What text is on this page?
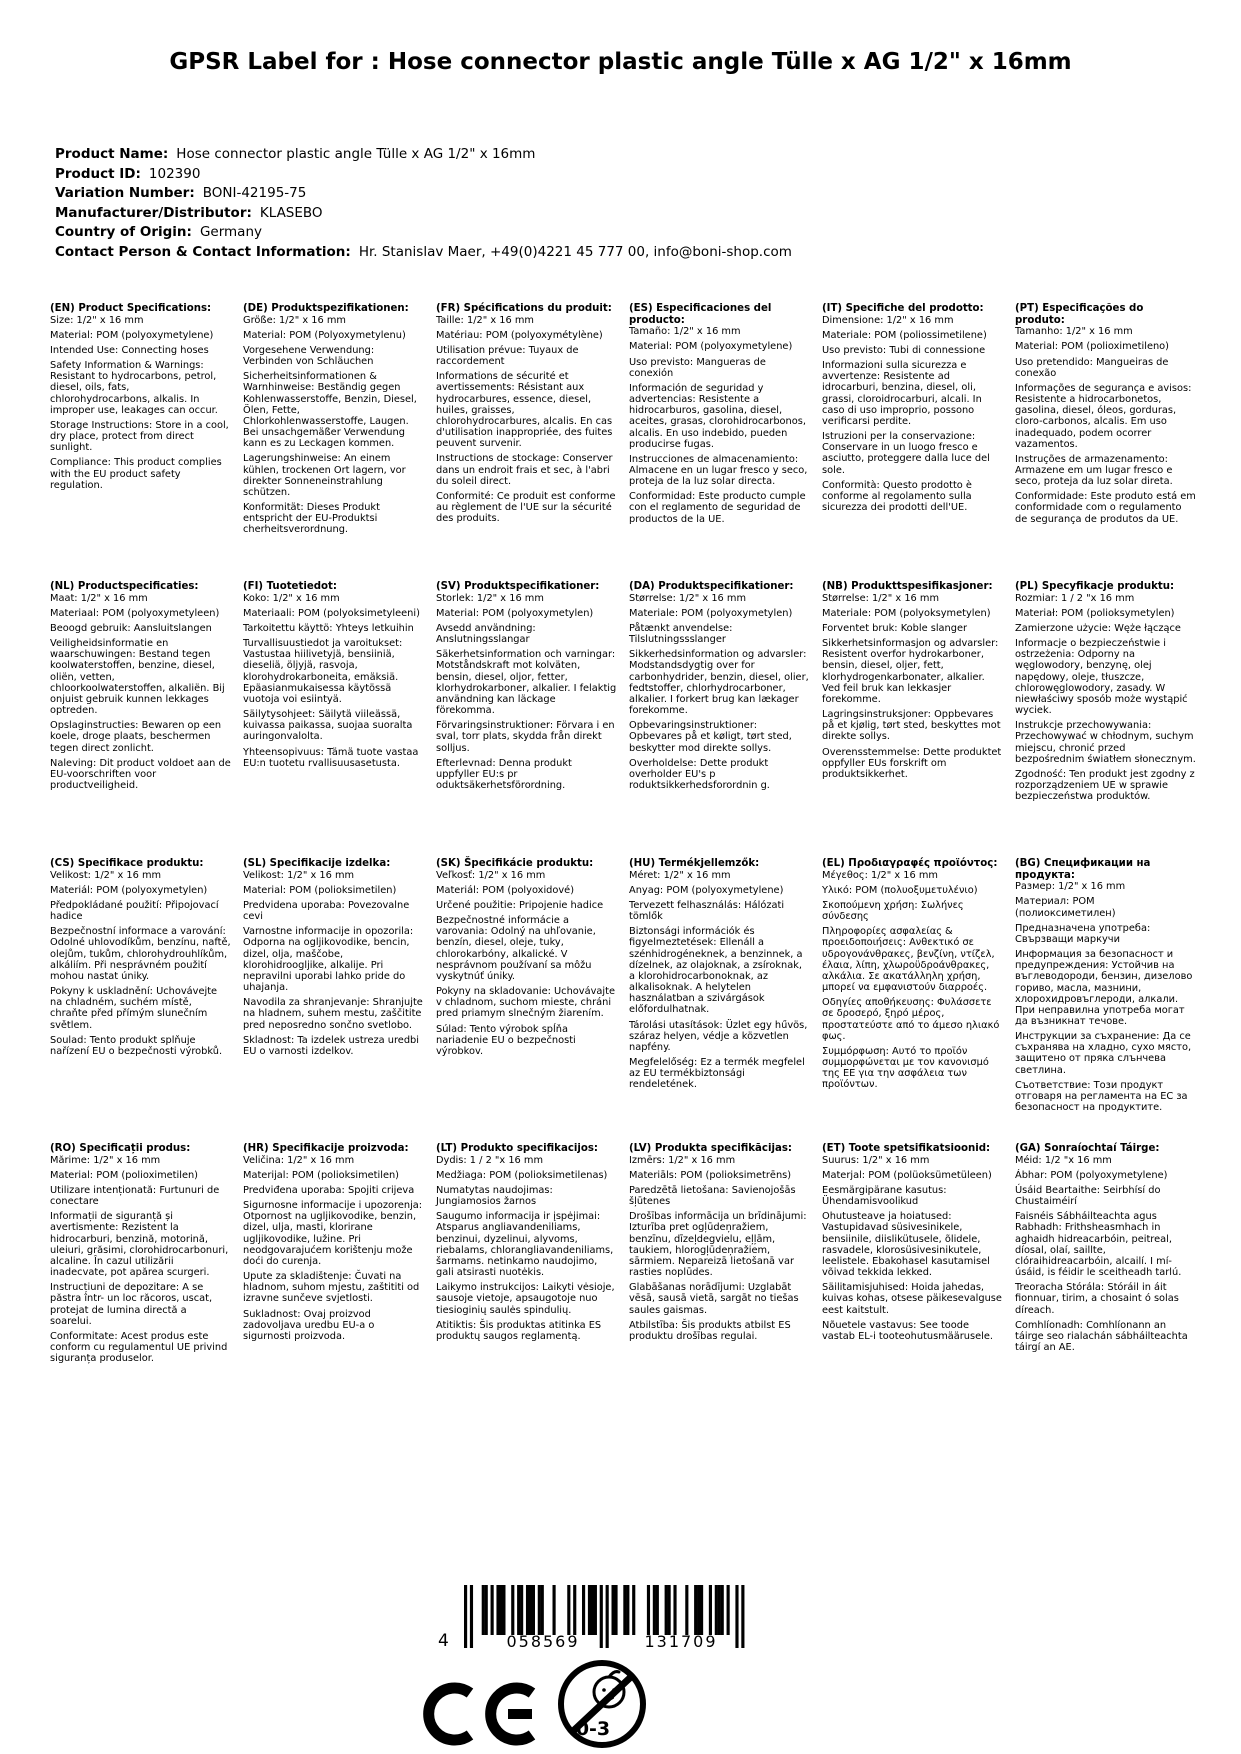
GPSR Label for : Hose connector plastic angle Tülle x AG 1/2" x 16mm
Product Name: Hose connector plastic angle Tülle x AG 1/2" x 16mm
Product ID: 102390
Variation Number: BONI-42195-75
Manufacturer/Distributor: KLASEBO
Country of Origin: Germany
Contact Person & Contact Information: Hr. Stanislav Maer, +49(0)4221 45 777 00, info@boni-shop.com
(EN) Product Specifications:

Size: 1/2" x 16 mm

Material: POM (polyoxymetylene)

Intended Use: Connecting hoses

Safety Information & Warnings: Resistant to hydrocarbons, petrol, diesel, oils, fats, chlorohydrocarbons, alkalis. In improper use, leakages can occur.

Storage Instructions: Store in a cool, dry place, protect from direct sunlight.

Compliance: This product complies with the EU product safety regulation.

(DE) Produktspezifikationen:

Größe: 1/2" x 16 mm

Material: POM (Polyoxymetylenu)

Vorgesehene Verwendung: Verbinden von Schläuchen

Sicherheitsinformationen & Warnhinweise: Beständig gegen Kohlenwasserstoffe, Benzin, Diesel, Ölen, Fette, Chlorkohlenwasserstoffe, Laugen. Bei unsachgemäßer Verwendung kann es zu Leckagen kommen.

Lagerungshinweise: An einem kühlen, trockenen Ort lagern, vor direkter Sonneneinstrahlung schützen.

Konformität: Dieses Produkt entspricht der EU-Produktsi cherheitsverordnung.

(FR) Spécifications du produit:

Taille: 1/2" x 16 mm

Matériau: POM (polyoxymétylène)

Utilisation prévue: Tuyaux de raccordement

Informations de sécurité et avertissements: Résistant aux hydrocarbures, essence, diesel, huiles, graisses, chlorohydrocarbures, alcalis. En cas d'utilisation inappropriée, des fuites peuvent survenir.

Instructions de stockage: Conserver dans un endroit frais et sec, à l'abri du soleil direct.

Conformité: Ce produit est conforme au règlement de l'UE sur la sécurité des produits.

(ES) Especificaciones del producto:

Tamaño: 1/2" x 16 mm

Material: POM (polyoxymetylene)

Uso previsto: Mangueras de conexión

Información de seguridad y advertencias: Resistente a hidrocarburos, gasolina, diesel, aceites, grasas, clorohidrocarbonos, alcalis. En uso indebido, pueden producirse fugas.

Instrucciones de almacenamiento: Almacene en un lugar fresco y seco, proteja de la luz solar directa.

Conformidad: Este producto cumple con el reglamento de seguridad de productos de la UE.

(IT) Specifiche del prodotto:

Dimensione: 1/2" x 16 mm

Materiale: POM (poliossimetilene)

Uso previsto: Tubi di connessione

Informazioni sulla sicurezza e avvertenze: Resistente ad idrocarburi, benzina, diesel, oli, grassi, cloroidrocarburi, alcali. In caso di uso improprio, possono verificarsi perdite.

Istruzioni per la conservazione: Conservare in un luogo fresco e asciutto, proteggere dalla luce del sole.

Conformità: Questo prodotto è conforme al regolamento sulla sicurezza dei prodotti dell'UE.

(PT) Especificações do produto:

Tamanho: 1/2" x 16 mm

Material: POM (polioximetileno)

Uso pretendido: Mangueiras de conexão

Informações de segurança e avisos: Resistente a hidrocarbonetos, gasolina, diesel, óleos, gorduras, cloro-carbonos, alcalis. Em uso inadequado, podem ocorrer vazamentos.

Instruções de armazenamento: Armazene em um lugar fresco e seco, proteja da luz solar direta.

Conformidade: Este produto está em conformidade com o regulamento de segurança de produtos da UE.

(NL) Productspecificaties:

Maat: 1/2" x 16 mm

Materiaal: POM (polyoxymetyleen)

Beoogd gebruik: Aansluitslangen

Veiligheidsinformatie en waarschuwingen: Bestand tegen koolwaterstoffen, benzine, diesel, oliën, vetten, chloorkoolwaterstoffen, alkaliën. Bij onjuist gebruik kunnen lekkages optreden.

Opslaginstructies: Bewaren op een koele, droge plaats, beschermen tegen direct zonlicht.

Naleving: Dit product voldoet aan de EU-voorschriften voor productveiligheid.

(FI) Tuotetiedot:

Koko: 1/2" x 16 mm

Materiaali: POM (polyoksimetyleeni)

Tarkoitettu käyttö: Yhteys letkuihin

Turvallisuustiedot ja varoitukset: Vastustaa hiilivetyjä, bensiiniä, dieseliä, öljyjä, rasvoja, klorohydrokarboneita, emäksiä. Epäasianmukaisessa käytössä vuotoja voi esiintyä.

Säilytysohjeet: Säilytä viileässä, kuivassa paikassa, suojaa suoralta auringonvalolta.

Yhteensopivuus: Tämä tuote vastaa EU:n tuotetu rvallisuusasetusta.

(SV) Produktspecifikationer:

Storlek: 1/2" x 16 mm

Material: POM (polyoxymetylen)

Avsedd användning: Anslutningsslangar

Säkerhetsinformation och varningar: Motståndskraft mot kolväten, bensin, diesel, oljor, fetter, klorhydrokarboner, alkalier. I felaktig användning kan läckage förekomma.

Förvaringsinstruktioner: Förvara i en sval, torr plats, skydda från direkt solljus.

Efterlevnad: Denna produkt uppfyller EU:s pr oduktsäkerhetsförordning.

(DA) Produktspecifikationer:

Størrelse: 1/2" x 16 mm

Materiale: POM (polyoxymetylen)

Påtænkt anvendelse: Tilslutningssslanger

Sikkerhedsinformation og advarsler: Modstandsdygtig over for carbonhydrider, benzin, diesel, olier, fedtstoffer, chlorhydrocarboner, alkalier. I forkert brug kan lækager forekomme.

Opbevaringsinstruktioner: Opbevares på et køligt, tørt sted, beskytter mod direkte sollys.

Overholdelse: Dette produkt overholder EU's p roduktsikkerhedsforordnin g.

(NB) Produkttspesifikasjoner:

Størrelse: 1/2" x 16 mm

Materiale: POM (polyoksymetylen)

Forventet bruk: Koble slanger

Sikkerhetsinformasjon og advarsler: Resistent overfor hydrokarboner, bensin, diesel, oljer, fett, klorhydrogenkarbonater, alkalier. Ved feil bruk kan lekkasjer forekomme.

Lagringsinstruksjoner: Oppbevares på et kjølig, tørt sted, beskyttes mot direkte sollys.

Overensstemmelse: Dette produktet oppfyller EUs forskrift om produktsikkerhet.

(PL) Specyfikacje produktu:

Rozmiar: 1 / 2 "x 16 mm

Materiał: POM (polioksymetylen)

Zamierzone użycie: Węże łączące

Informacje o bezpieczeństwie i ostrzeżenia: Odporny na węglowodory, benzynę, olej napędowy, oleje, tłuszcze, chlorowęglowodory, zasady. W niewłaściwy sposób może wystąpić wyciek.

Instrukcje przechowywania: Przechowywać w chłodnym, suchym miejscu, chronić przed bezpośrednim światłem słonecznym.

Zgodność: Ten produkt jest zgodny z rozporządzeniem UE w sprawie bezpieczeństwa produktów.

(CS) Specifikace produktu:

Velikost: 1/2" x 16 mm

Materiál: POM (polyoxymetylen)

Předpokládané použití: Připojovací hadice

Bezpečnostní informace a varování: Odolné uhlovodíkům, benzínu, naftě, olejům, tukům, chlorohydrouhlíkům, alkáliím. Při nesprávném použití mohou nastat úniky.

Pokyny k uskladnění: Uchovávejte na chladném, suchém místě, chraňte před přímým slunečním světlem.

Soulad: Tento produkt splňuje nařízení EU o bezpečnosti výrobků.

(SL) Specifikacije izdelka:

Velikost: 1/2" x 16 mm

Material: POM (polioksimetilen)

Predvidena uporaba: Povezovalne cevi

Varnostne informacije in opozorila: Odporna na ogljikovodike, bencin, dizel, olja, maščobe, klorohidroogljike, alkalije. Pri nepravilni uporabi lahko pride do uhajanja.

Navodila za shranjevanje: Shranjujte na hladnem, suhem mestu, zaščitite pred neposredno sončno svetlobo.

Skladnost: Ta izdelek ustreza uredbi EU o varnosti izdelkov.

(SK) Špecifikácie produktu:

Veľkosť: 1/2" x 16 mm

Materiál: POM (polyoxidové)

Určené použitie: Pripojenie hadice

Bezpečnostné informácie a varovania: Odolný na uhľovanie, benzín, diesel, oleje, tuky, chlorokarbóny, alkalické. V nesprávnom používaní sa môžu vyskytnúť úniky.

Pokyny na skladovanie: Uchovávajte v chladnom, suchom mieste, chráni pred priamym slnečným žiarením.

Súlad: Tento výrobok spĺňa nariadenie EU o bezpečnosti výrobkov.

(HU) Termékjellemzők:

Méret: 1/2" x 16 mm

Anyag: POM (polyoxymetylene)

Tervezett felhasználás: Hálózati tömlők

Biztonsági információk és figyelmeztetések: Ellenáll a szénhidrogéneknek, a benzinnek, a dízelnek, az olajoknak, a zsíroknak, a klorohidrocarbonoknak, az alkalisoknak. A helytelen használatban a szivárgások előfordulhatnak.

Tárolási utasítások: Üzlet egy hűvös, száraz helyen, védje a közvetlen napfény.

Megfelelőség: Ez a termék megfelel az EU termékbiztonsági rendeletének.

(EL) Προδιαγραφές προϊόντος:

Μέγεθος: 1/2" x 16 mm

Υλικό: POM (πολυοξυμετυλένιο)

Σκοπούμενη χρήση: Σωλήνες σύνδεσης

Πληροφορίες ασφαλείας & προειδοποιήσεις: Ανθεκτικό σε υδρογονάνθρακες, βενζίνη, ντίζελ, έλαια, λίπη, χλωροϋδροάνθρακες, αλκάλια. Σε ακατάλληλη χρήση, μπορεί να εμφανιστούν διαρροές.

Οδηγίες αποθήκευσης: Φυλάσσετε σε δροσερό, ξηρό μέρος, προστατεύστε από το άμεσο ηλιακό φως.

Συμμόρφωση: Αυτό το προϊόν συμμορφώνεται με τον κανονισμό της ΕΕ για την ασφάλεια των προϊόντων.

(BG) Спецификации на продукта:

Размер: 1/2" x 16 mm

Материал: POM (полиоксиметилен)

Предназначена употреба: Свързващи маркучи

Информация за безопасност и предупреждения: Устойчив на въглеводороди, бензин, дизелово гориво, масла, мазнини, хлорохидровъглероди, алкали. При неправилна употреба могат да възникнат течове.

Инструкции за съхранение: Да се съхранява на хладно, сухо място, защитено от пряка слънчева светлина.

Съответствие: Този продукт отговаря на регламента на ЕС за безопасност на продуктите.

(RO) Specificații produs:

Mărime: 1/2" x 16 mm

Material: POM (polioximetilen)

Utilizare intenționată: Furtunuri de conectare

Informații de siguranță și avertismente: Rezistent la hidrocarburi, benzină, motorină, uleiuri, grăsimi, clorohidrocarbonuri, alcaline. În cazul utilizării inadecvate, pot apărea scurgeri.

Instrucțiuni de depozitare: A se păstra într- un loc răcoros, uscat, protejat de lumina directă a soarelui.

Conformitate: Acest produs este conform cu regulamentul UE privind siguranța produselor.

(HR) Specifikacije proizvoda:

Veličina: 1/2" x 16 mm

Materijal: POM (polioksimetilen)

Predviđena uporaba: Spojiti crijeva

Sigurnosne informacije i upozorenja: Otpornost na ugljikovodike, benzin, dizel, ulja, masti, klorirane ugljikovodike, lužine. Pri neodgovarajućem korištenju može doći do curenja.

Upute za skladištenje: Čuvati na hladnom, suhom mjestu, zaštititi od izravne sunčeve svjetlosti.

Sukladnost: Ovaj proizvod zadovoljava uredbu EU-a o sigurnosti proizvoda.

(LT) Produkto specifikacijos:

Dydis: 1 / 2 "x 16 mm

Medžiaga: POM (polioksimetilenas)

Numatytas naudojimas: Jungiamosios žarnos

Saugumo informacija ir įspėjimai: Atsparus angliavandeniliams, benzinui, dyzelinui, alyvoms, riebalams, chlorangliavandeniliams, šarmams. netinkamo naudojimo, gali atsirasti nuotėkis.

Laikymo instrukcijos: Laikyti vėsioje, sausoje vietoje, apsaugotoje nuo tiesioginių saulės spindulių.

Atitiktis: Šis produktas atitinka ES produktų saugos reglamentą.

(LV) Produkta specifikācijas:

Izmērs: 1/2" x 16 mm

Materiāls: POM (polioksimetrēns)

Paredzētā lietošana: Savienojošās šļūtenes

Drošības informācija un brīdinājumi: Izturība pret ogļūdeņražiem, benzīnu, dīzeļdegvielu, eļļām, taukiem, hlorogļūdeņražiem, sārmiem. Nepareizā lietošanā var rasties noplūdes.

Glabāšanas norādījumi: Uzglabāt vēsā, sausā vietā, sargāt no tiešas saules gaismas.

Atbilstība: Šis produkts atbilst ES produktu drošības regulai.

(ET) Toote spetsifikatsioonid:

Suurus: 1/2" x 16 mm

Materjal: POM (polüoksümetüleen)

Eesmärgipärane kasutus: Ühendamisvoolikud

Ohutusteave ja hoiatused: Vastupidavad süsivesinikele, bensiinile, diislikütusele, õlidele, rasvadele, klorosüsivesinikutele, leelistele. Ebakohasel kasutamisel võivad tekkida lekked.

Säilitamisjuhised: Hoida jahedas, kuivas kohas, otsese päikesevalguse eest kaitstult.

Nõuetele vastavus: See toode vastab EL-i tooteohutusmäärusele.

(GA) Sonraíochtaí Táirge:

Méid: 1/2 "x 16 mm

Ábhar: POM (polyoxymetylene)

Úsáid Beartaithe: Seirbhísí do Chustaiméirí

Faisnéis Sábháilteachta agus Rabhadh: Frithsheasmhach in aghaidh hidreacarbóin, peitreal, díosal, olaí, saillte, clóraihidreacarbóin, alcailí. I mí-úsáid, is féidir le sceitheadh tarlú.

Treoracha Stórála: Stóráil in áit fionnuar, tirim, a chosaint ó solas díreach.

Comhlíonadh: Comhlíonann an táirge seo rialachán sábháilteachta táirgí an AE.

4	058569	131709
0-3
